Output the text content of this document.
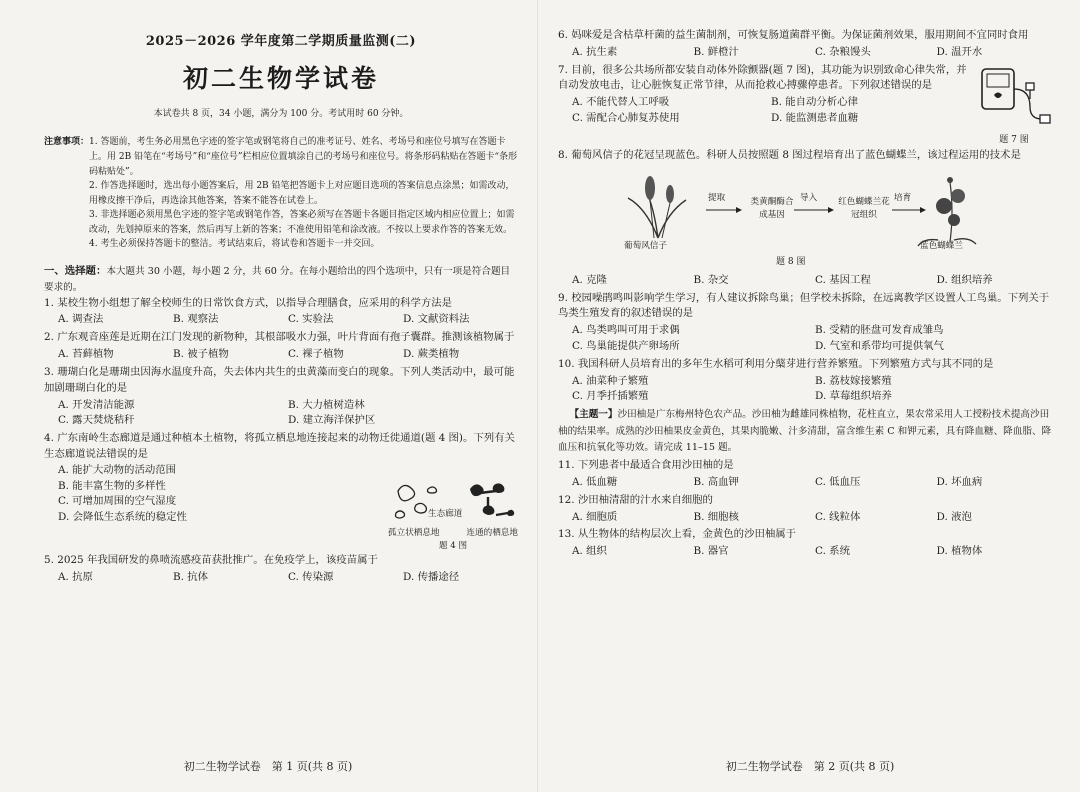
2025－2026 学年度第二学期质量监测(二)
初二生物学试卷
本试卷共 8 页，34 小题，满分为 100 分。考试用时 60 分钟。
注意事项： 1. 答题前，考生务必用黑色字迹的签字笔或钢笔将自己的准考证号、姓名、考场号和座位号填写在答题卡上。用 2B 铅笔在“考场号”和“座位号”栏相应位置填涂自己的考场号和座位号。将条形码粘贴在答题卡“条形码粘贴处”。
2. 作答选择题时，选出每小题答案后，用 2B 铅笔把答题卡上对应题目选项的答案信息点涂黑；如需改动，用橡皮擦干净后，再选涂其他答案，答案不能答在试卷上。
3. 非选择题必须用黑色字迹的签字笔或钢笔作答，答案必须写在答题卡各题目指定区域内相应位置上；如需改动，先划掉原来的答案，然后再写上新的答案；不准使用铅笔和涂改液。不按以上要求作答的答案无效。
4. 考生必须保持答题卡的整洁。考试结束后，将试卷和答题卡一并交回。
一、选择题：本大题共 30 小题，每小题 2 分，共 60 分。在每小题给出的四个选项中，只有一项是符合题目要求的。
1. 某校生物小组想了解全校师生的日常饮食方式，以指导合理膳食，应采用的科学方法是
A. 调查法	B. 观察法	C. 实验法	D. 文献资料法
2. 广东观音座莲是近期在江门发现的新物种，其根部吸水力强，叶片背面有孢子囊群。推测该植物属于
A. 苔藓植物	B. 被子植物	C. 裸子植物	D. 蕨类植物
3. 珊瑚白化是珊瑚虫因海水温度升高，失去体内共生的虫黄藻而变白的现象。下列人类活动中，最可能加剧珊瑚白化的是
A. 开发清洁能源	B. 大力植树造林
C. 露天焚烧秸秆	D. 建立海洋保护区
4. 广东南岭生态廊道是通过种植本土植物，将孤立栖息地连接起来的动物迁徙通道(题 4 图)。下列有关生态廊道说法错误的是
A. 能扩大动物的活动范围
B. 能丰富生物的多样性
C. 可增加周围的空气湿度
D. 会降低生态系统的稳定性	生态廊道
孤立状栖息地	连通的栖息地
题 4 图
5. 2025 年我国研发的鼻喷流感疫苗获批推广。在免疫学上，该疫苗属于
A. 抗原	B. 抗体	C. 传染源	D. 传播途径
初二生物学试卷　第 1 页(共 8 页)
6. 妈咪爱是含枯草杆菌的益生菌制剂，可恢复肠道菌群平衡。为保证菌剂效果，服用期间不宜同时食用
A. 抗生素	B. 鲜橙汁	C. 杂粮馒头	D. 温开水
7. 目前，很多公共场所都安装自动体外除颤器(题 7 图)，其功能为识别致命心律失常，并自动发放电击，让心脏恢复正常节律，从而抢救心搏骤停患者。下列叙述错误的是
A. 不能代替人工呼吸	B. 能自动分析心律
C. 需配合心肺复苏使用	D. 能监测患者血糖
题 7 图
8. 葡萄风信子的花冠呈现蓝色。科研人员按照题 8 图过程培育出了蓝色蝴蝶兰，该过程运用的技术是
提取	类黄酮酶合成基因
导入 红色蝴蝶兰花冠组织
培育
葡萄风信子	蓝色蝴蝶兰
题 8 图
A. 克隆	B. 杂交	C. 基因工程	D. 组织培养
9. 校园噪鹃鸣叫影响学生学习，有人建议拆除鸟巢；但学校未拆除，在远离教学区设置人工鸟巢。下列关于鸟类生殖发育的叙述错误的是
A. 鸟类鸣叫可用于求偶	B. 受精的胚盘可发育成雏鸟
C. 鸟巢能提供产卵场所	D. 气室和系带均可提供氧气
10. 我国科研人员培育出的多年生水稻可利用分蘖芽进行营养繁殖。下列繁殖方式与其不同的是
A. 油菜种子繁殖	B. 荔枝嫁接繁殖
C. 月季扦插繁殖	D. 草莓组织培养
【主题一】沙田柚是广东梅州特色农产品。沙田柚为雌雄同株植物，花柱直立，果农常采用人工授粉技术提高沙田柚的结果率。成熟的沙田柚果皮金黄色，其果肉脆嫩、汁多清甜，富含维生素 C 和钾元素，具有降血糖、降血脂、降血压和抗氧化等功效。请完成 11–15 题。
11. 下列患者中最适合食用沙田柚的是
A. 低血糖	B. 高血钾	C. 低血压	D. 坏血病
12. 沙田柚清甜的汁水来自细胞的
A. 细胞质	B. 细胞核	C. 线粒体	D. 液泡
13. 从生物体的结构层次上看，金黄色的沙田柚属于
A. 组织	B. 器官	C. 系统	D. 植物体
初二生物学试卷　第 2 页(共 8 页)
